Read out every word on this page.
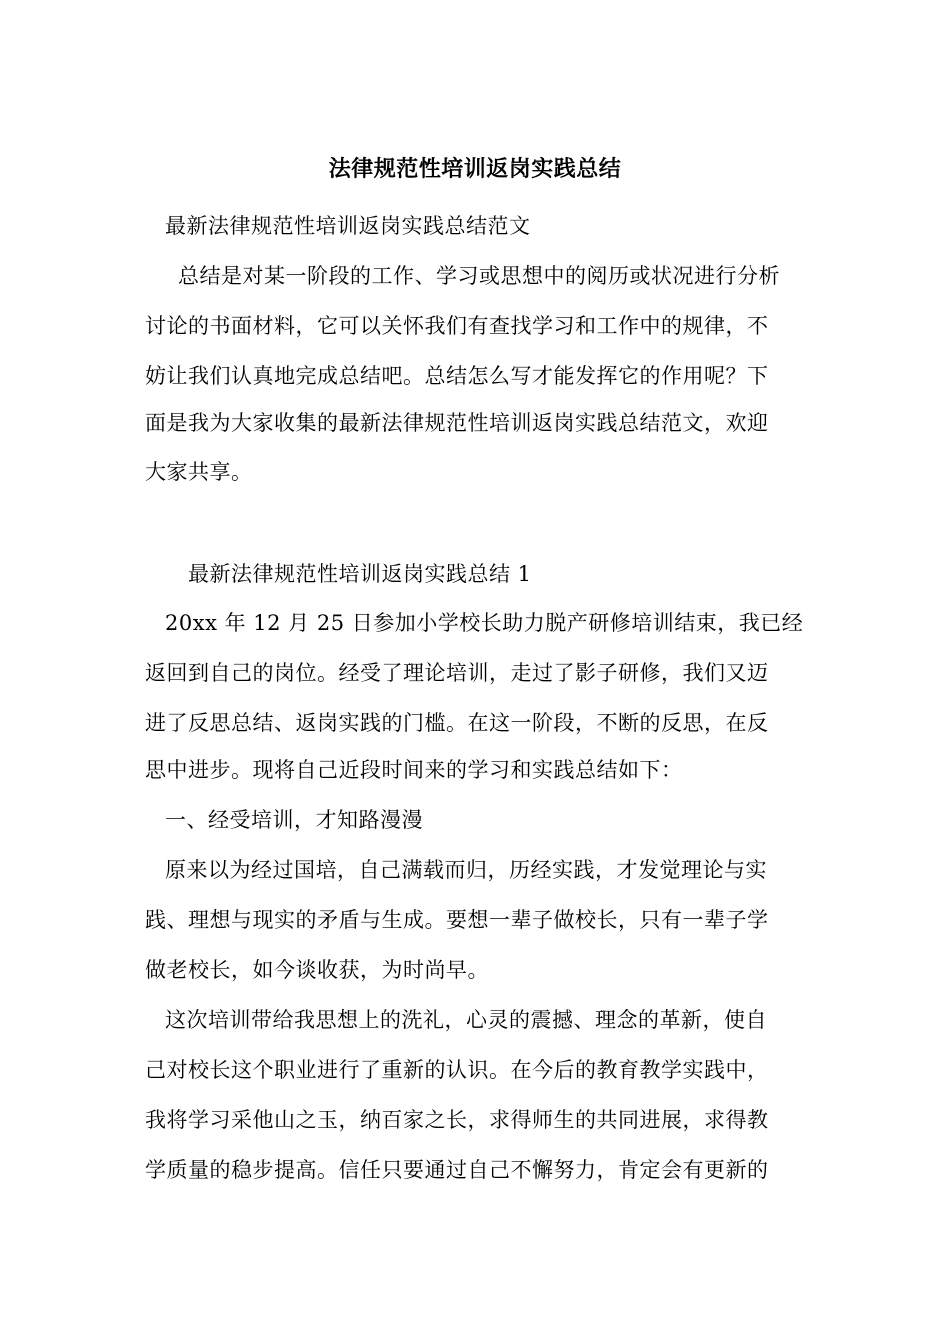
法律规范性培训返岗实践总结
最新法律规范性培训返岗实践总结范文
总结是对某一阶段的工作、学习或思想中的阅历或状况进行分析
讨论的书面材料，它可以关怀我们有查找学习和工作中的规律，不
妨让我们认真地完成总结吧。总结怎么写才能发挥它的作用呢？下
面是我为大家收集的最新法律规范性培训返岗实践总结范文，欢迎
大家共享。
最新法律规范性培训返岗实践总结 1
20xx 年 12 月 25 日参加小学校长助力脱产研修培训结束，我已经
返回到自己的岗位。经受了理论培训，走过了影子研修，我们又迈
进了反思总结、返岗实践的门槛。在这一阶段，不断的反思，在反
思中进步。现将自己近段时间来的学习和实践总结如下：
一、经受培训，才知路漫漫
原来以为经过国培，自己满载而归，历经实践，才发觉理论与实
践、理想与现实的矛盾与生成。要想一辈子做校长，只有一辈子学
做老校长，如今谈收获，为时尚早。
这次培训带给我思想上的洗礼，心灵的震撼、理念的革新，使自
己对校长这个职业进行了重新的认识。在今后的教育教学实践中，
我将学习采他山之玉，纳百家之长，求得师生的共同进展，求得教
学质量的稳步提高。信任只要通过自己不懈努力，肯定会有更新的
